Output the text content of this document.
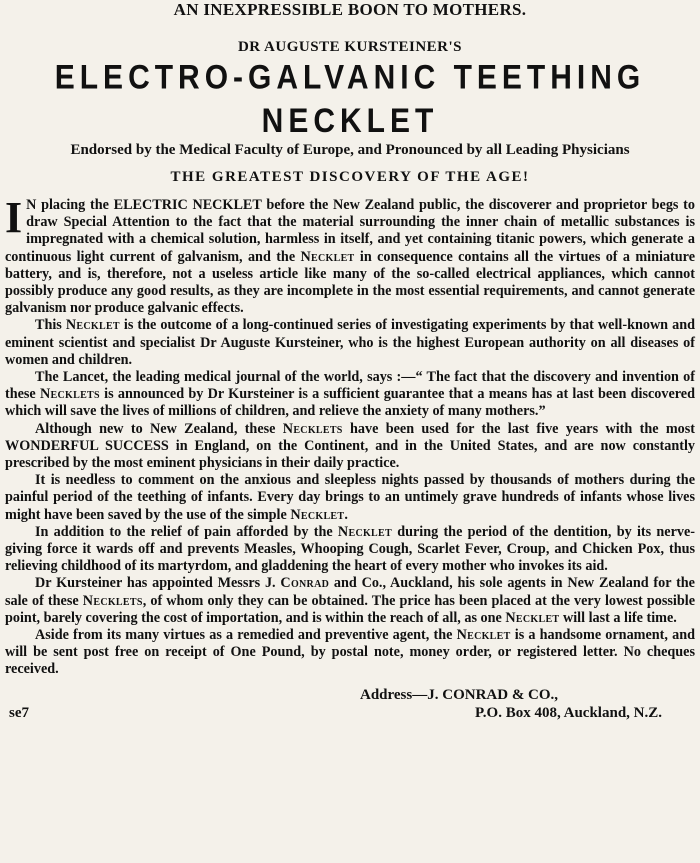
AN INEXPRESSIBLE BOON TO MOTHERS.
DR AUGUSTE KURSTEINER'S
ELECTRO-GALVANIC TEETHING NECKLET
Endorsed by the Medical Faculty of Europe, and Pronounced by all Leading Physicians
THE GREATEST DISCOVERY OF THE AGE!

I N placing the ELECTRIC NECKLET before the New Zealand public, the discoverer and proprietor begs to draw Special Attention to the fact that the material surrounding the inner chain of metallic substances is impregnated with a chemical solution, harmless in itself, and yet containing titanic powers, which generate a continuous light current of galvanism, and the Necklet in consequence contains all the virtues of a miniature battery, and is, therefore, not a useless article like many of the so-called electrical appliances, which cannot possibly produce any good results, as they are incomplete in the most essential requirements, and cannot generate galvanism nor produce galvanic effects.

This Necklet is the outcome of a long-continued series of investigating experiments by that well-known and eminent scientist and specialist Dr Auguste Kursteiner, who is the highest European authority on all diseases of women and children.

The Lancet, the leading medical journal of the world, says :—“ The fact that the discovery and invention of these Necklets is announced by Dr Kursteiner is a sufficient guarantee that a means has at last been discovered which will save the lives of millions of children, and relieve the anxiety of many mothers.”

Although new to New Zealand, these Necklets have been used for the last five years with the most WONDERFUL SUCCESS in England, on the Continent, and in the United States, and are now constantly prescribed by the most eminent physicians in their daily practice.

It is needless to comment on the anxious and sleepless nights passed by thousands of mothers during the painful period of the teething of infants. Every day brings to an untimely grave hundreds of infants whose lives might have been saved by the use of the simple Necklet.

In addition to the relief of pain afforded by the Necklet during the period of the dentition, by its nerve-giving force it wards off and prevents Measles, Whooping Cough, Scarlet Fever, Croup, and Chicken Pox, thus relieving childhood of its martyrdom, and gladdening the heart of every mother who invokes its aid.

Dr Kursteiner has appointed Messrs J. Conrad and Co., Auckland, his sole agents in New Zealand for the sale of these Necklets, of whom only they can be obtained. The price has been placed at the very lowest possible point, barely covering the cost of importation, and is within the reach of all, as one Necklet will last a life time.

Aside from its many virtues as a remedied and preventive agent, the Necklet is a handsome ornament, and will be sent post free on receipt of One Pound, by postal note, money order, or registered letter. No cheques received.

Address—J. CONRAD & CO.,
se7	P.O. Box 408, Auckland, N.Z.
